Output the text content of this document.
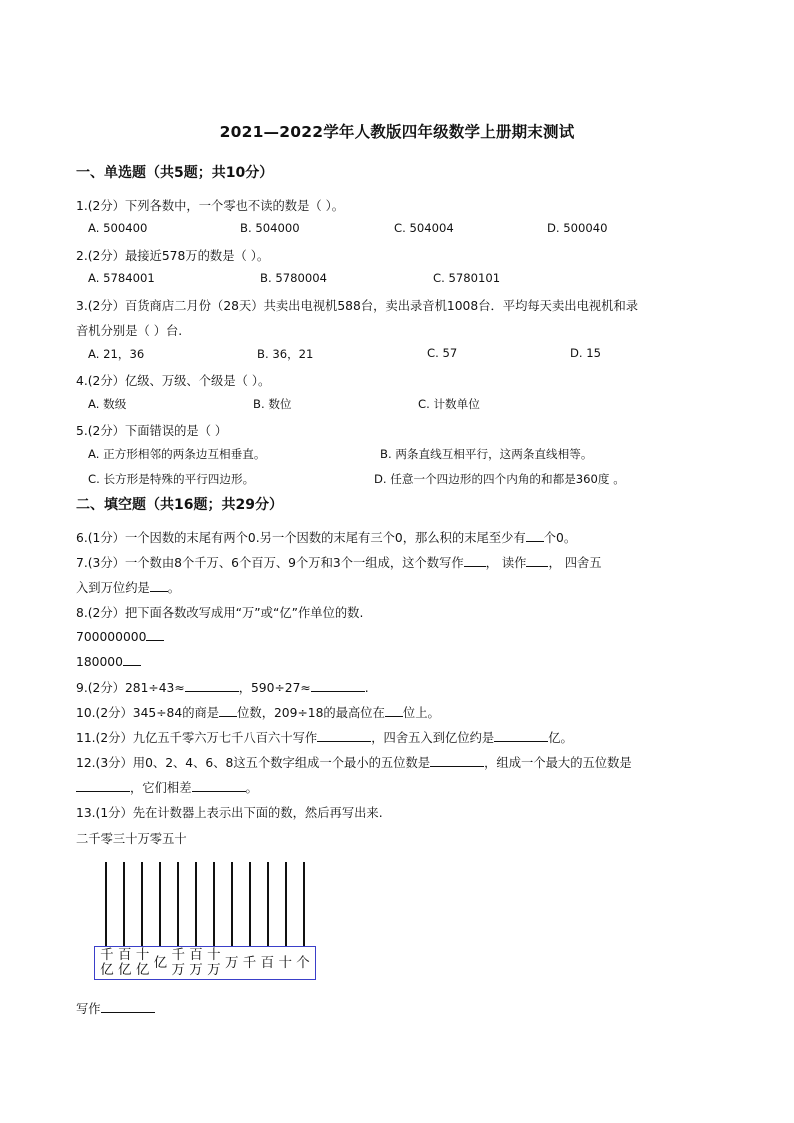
2021—2022学年人教版四年级数学上册期末测试
一、单选题（共5题；共10分）
1.(2分）下列各数中，一个零也不读的数是（ ）。
A. 500400	B. 504000	C. 504004	D. 500040
2.(2分）最接近578万的数是（ ）。
A. 5784001	B. 5780004	C. 5780101
3.(2分）百货商店二月份（28天）共卖出电视机588台，卖出录音机1008台．平均每天卖出电视机和录
音机分别是（ ）台.
A. 21，36	B. 36，21	C. 57	D. 15
4.(2分）亿级、万级、个级是（ ）。
A. 数级	B. 数位	C. 计数单位
5.(2分）下面错误的是（ ）
A. 正方形相邻的两条边互相垂直。	B. 两条直线互相平行，这两条直线相等。
C. 长方形是特殊的平行四边形。	D. 任意一个四边形的四个内角的和都是360度 。
二、填空题（共16题；共29分）
6.(1分）一个因数的末尾有两个0.另一个因数的末尾有三个0，那么积的末尾至少有 个0。
7.(3分）一个数由8个千万、6个百万、9个万和3个一组成，这个数写作 ， 读作 ， 四舍五
入到万位约是 。
8.(2分）把下面各数改写成用“万”或“亿”作单位的数.
700000000
180000
9.(2分）281÷43≈	，590÷27≈	.
10.(2分）345÷84的商是 位数，209÷18的最高位在 位上。
11.(2分）九亿五千零六万七千八百六十写作	，四舍五入到亿位约是	亿。
12.(3分）用0、2、4、6、8这五个数字组成一个最小的五位数是	，组成一个最大的五位数是
，它们相差	。
13.(1分）先在计数器上表示出下面的数，然后再写出来.
二千零三十万零五十
千
亿
百
亿
十
亿 亿 千
万
百
万
十
万 万 千 百 十 个
写作
